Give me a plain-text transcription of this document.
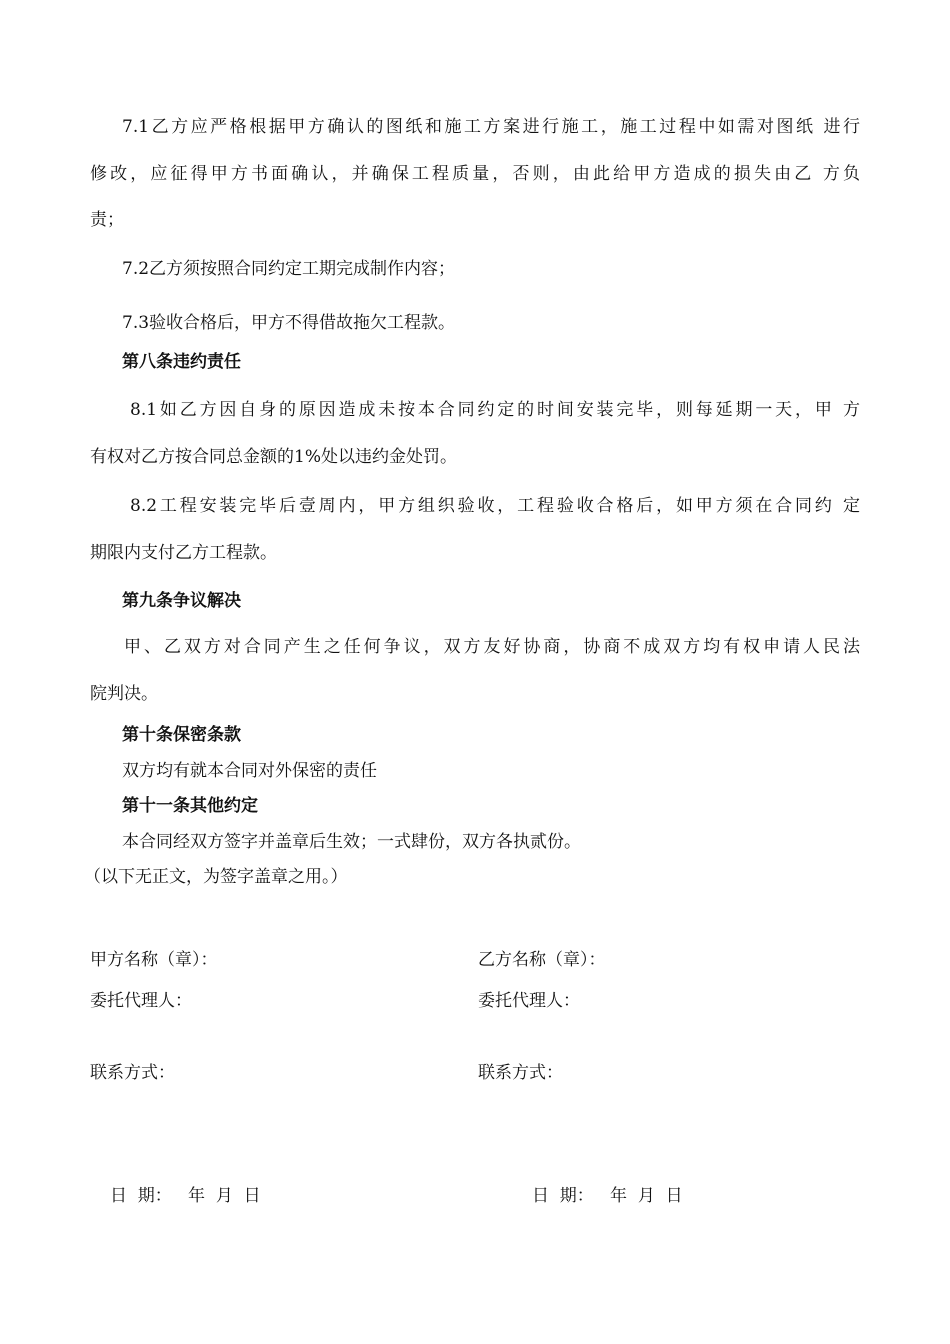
7.1乙方应严格根据甲方确认的图纸和施工方案进行施工，施工过程中如需对图纸 进行
修改，应征得甲方书面确认，并确保工程质量，否则，由此给甲方造成的损失由乙 方负
责；
7.2乙方须按照合同约定工期完成制作内容；
7.3验收合格后，甲方不得借故拖欠工程款。
第八条违约责任
8.1如乙方因自身的原因造成未按本合同约定的时间安装完毕，则每延期一天，甲 方
有权对乙方按合同总金额的1%处以违约金处罚。
8.2工程安装完毕后壹周内，甲方组织验收，工程验收合格后，如甲方须在合同约 定
期限内支付乙方工程款。
第九条争议解决
甲、乙双方对合同产生之任何争议，双方友好协商，协商不成双方均有权申请人民法
院判决。
第十条保密条款
双方均有就本合同对外保密的责任
第十一条其他约定
本合同经双方签字并盖章后生效；一式肆份，双方各执贰份。
（以下无正文，为签字盖章之用。）
甲方名称（章）：
委托代理人：
联系方式：
日  期：   年  月  日
乙方名称（章）：
委托代理人：
联系方式：
日  期：   年  月  日
